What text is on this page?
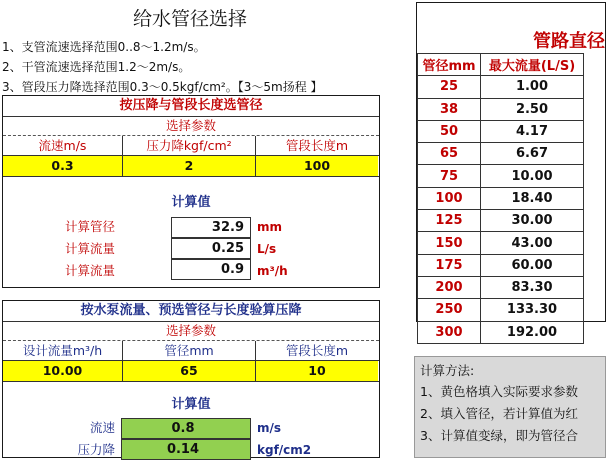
给水管径选择
1、支管流速选择范围0..8～1.2m/s。
2、干管流速选择范围1.2～2m/s。
3、管段压力降选择范围0.3～0.5kgf/cm²。【3～5m扬程 】
按压降与管段长度选管径
选择参数
流速m/s	压力降kgf/cm²	管段长度m
0.3	2	100
计算值
计算管径	32.9	mm
计算流量	0.25	L/s
计算流量	0.9	m³/h
按水泵流量、预选管径与长度验算压降
选择参数
设计流量m³/h	管径mm	管段长度m
10.00	65	10
计算值
流速	0.8	m/s
压力降	0.14	kgf/cm2
管路直径
管径mm	最大流量(L/S)
25	1.00
38	2.50
50	4.17
65	6.67
75	10.00
100	18.40
125	30.00
150	43.00
175	60.00
200	83.30
250	133.30
300	192.00
计算方法:
1、黄色格填入实际要求参数
2、填入管径，若计算值为红
3、计算值变绿，即为管径合
